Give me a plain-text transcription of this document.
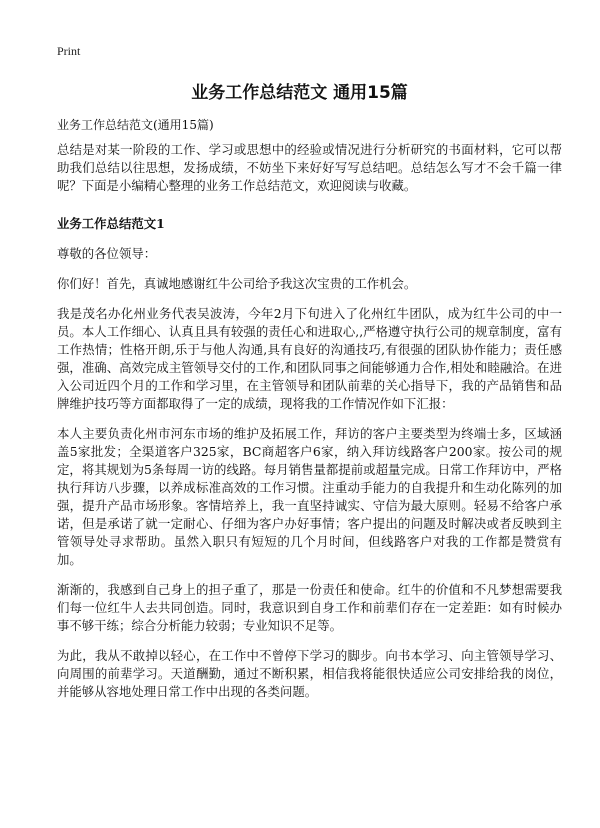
Print
业务工作总结范文 通用15篇
业务工作总结范文(通用15篇)

总结是对某一阶段的工作、学习或思想中的经验或情况进行分析研究的书面材料，它可以帮助我们总结以往思想，发扬成绩，不妨坐下来好好写写总结吧。总结怎么写才不会千篇一律呢？下面是小编精心整理的业务工作总结范文，欢迎阅读与收藏。

业务工作总结范文1

尊敬的各位领导：

你们好！首先，真诚地感谢红牛公司给予我这次宝贵的工作机会。

我是茂名办化州业务代表吴波涛，今年2月下旬进入了化州红牛团队，成为红牛公司的中一员。本人工作细心、认真且具有较强的责任心和进取心,,严格遵守执行公司的规章制度，富有工作热情；性格开朗,乐于与他人沟通,具有良好的沟通技巧,有很强的团队协作能力；责任感强，准确、高效完成主管领导交付的工作,和团队同事之间能够通力合作,相处和睦融洽。在进入公司近四个月的工作和学习里，在主管领导和团队前辈的关心指导下，我的产品销售和品牌维护技巧等方面都取得了一定的成绩，现将我的工作情况作如下汇报：

本人主要负责化州市河东市场的维护及拓展工作，拜访的客户主要类型为终端士多，区域涵盖5家批发；全渠道客户325家，BC商超客户6家，纳入拜访线路客户200家。按公司的规定，将其规划为5条每周一访的线路。每月销售量都提前或超量完成。日常工作拜访中，严格执行拜访八步骤，以养成标准高效的工作习惯。注重动手能力的自我提升和生动化陈列的加强，提升产品市场形象。客情培养上，我一直坚持诚实、守信为最大原则。轻易不给客户承诺，但是承诺了就一定耐心、仔细为客户办好事情；客户提出的问题及时解决或者反映到主管领导处寻求帮助。虽然入职只有短短的几个月时间，但线路客户对我的工作都是赞赏有加。

渐渐的，我感到自己身上的担子重了，那是一份责任和使命。红牛的价值和不凡梦想需要我们每一位红牛人去共同创造。同时，我意识到自身工作和前辈们存在一定差距：如有时候办事不够干练；综合分析能力较弱；专业知识不足等。

为此，我从不敢掉以轻心，在工作中不曾停下学习的脚步。向书本学习、向主管领导学习、向周围的前辈学习。天道酬勤，通过不断积累，相信我将能很快适应公司安排给我的岗位，并能够从容地处理日常工作中出现的各类问题。
